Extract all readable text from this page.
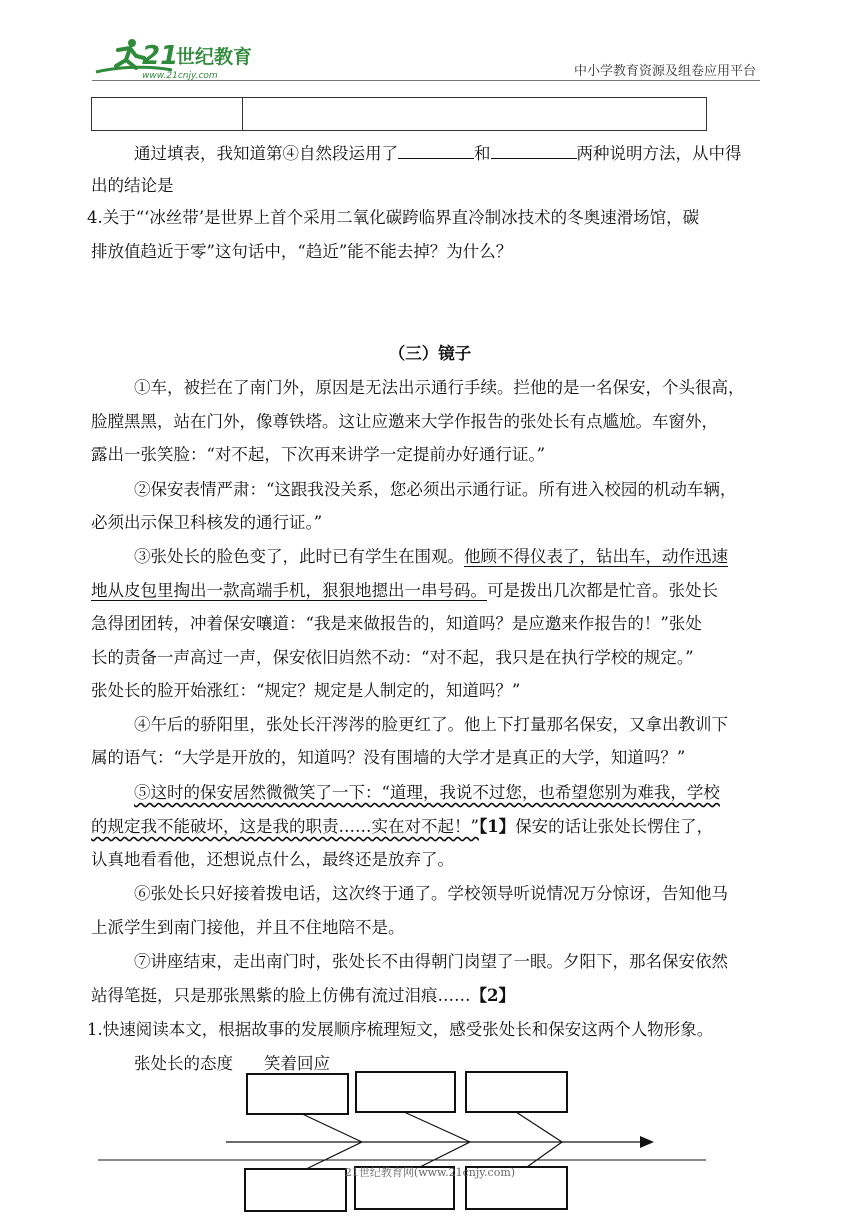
21
世纪教育
www.21cnjy.com	中小学教育资源及组卷应用平台
通过填表，我知道第④自然段运用了	和	两种说明方法，从中得
出的结论是
4.关于“‘冰丝带’是世界上首个采用二氧化碳跨临界直冷制冰技术的冬奥速滑场馆，碳
排放值趋近于零”这句话中，“趋近”能不能去掉？为什么？
（三）镜子
①车，被拦在了南门外，原因是无法出示通行手续。拦他的是一名保安，个头很高，
脸膛黑黑，站在门外，像尊铁塔。这让应邀来大学作报告的张处长有点尴尬。车窗外，
露出一张笑脸：“对不起，下次再来讲学一定提前办好通行证。”
②保安表情严肃：“这跟我没关系，您必须出示通行证。所有进入校园的机动车辆，
必须出示保卫科核发的通行证。”
③张处长的脸色变了，此时已有学生在围观。他顾不得仪表了，钻出车，动作迅速
地从皮包里掏出一款高端手机，狠狠地摁出一串号码。可是拨出几次都是忙音。张处长
急得团团转，冲着保安嚷道：“我是来做报告的，知道吗？是应邀来作报告的！”张处
长的责备一声高过一声，保安依旧岿然不动：“对不起，我只是在执行学校的规定。”
张处长的脸开始涨红：“规定？规定是人制定的，知道吗？”
④午后的骄阳里，张处长汗涔涔的脸更红了。他上下打量那名保安，又拿出教训下
属的语气：“大学是开放的，知道吗？没有围墙的大学才是真正的大学，知道吗？”
⑤这时的保安居然微微笑了一下：“道理，我说不过您，也希望您别为难我，学校
的规定我不能破坏，这是我的职责……实在对不起！”【1】保安的话让张处长愣住了，
认真地看看他，还想说点什么，最终还是放弃了。
⑥张处长只好接着拨电话，这次终于通了。学校领导听说情况万分惊讶，告知他马
上派学生到南门接他，并且不住地陪不是。
⑦讲座结束，走出南门时，张处长不由得朝门岗望了一眼。夕阳下，那名保安依然
站得笔挺，只是那张黑紫的脸上仿佛有流过泪痕……【2】
1.快速阅读本文，根据故事的发展顺序梳理短文，感受张处长和保安这两个人物形象。
张处长的态度 笑着回应
21世纪教育网(www.21cnjy.com)
